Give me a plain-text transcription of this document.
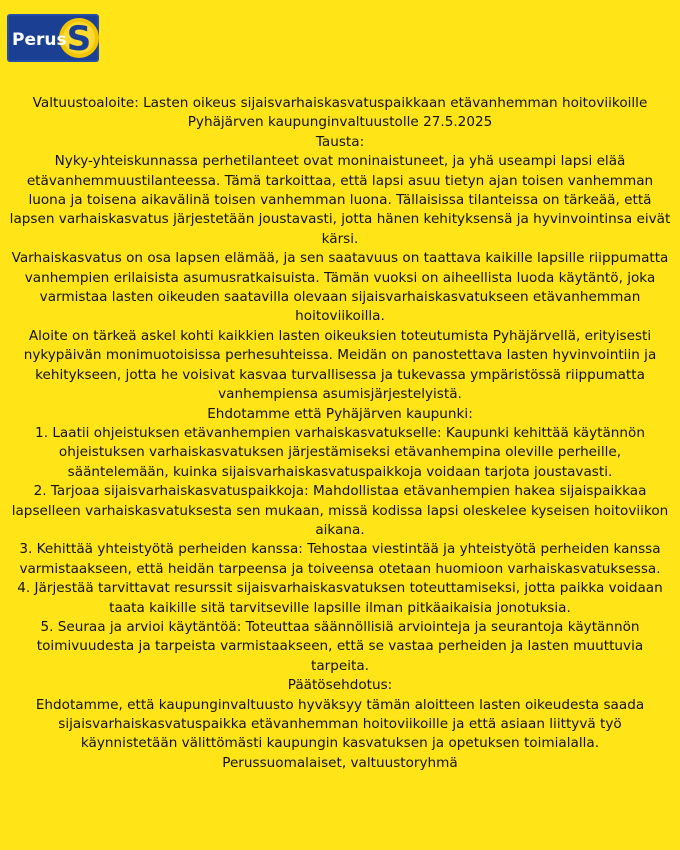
S
Perus

Valtuustoaloite: Lasten oikeus sijaisvarhaiskasvatuspaikkaan etävanhemman hoitoviikoille

Pyhäjärven kaupunginvaltuustolle 27.5.2025

Tausta:

Nyky-yhteiskunnassa perhetilanteet ovat moninaistuneet, ja yhä useampi lapsi elää etävanhemmuustilanteessa. Tämä tarkoittaa, että lapsi asuu tietyn ajan toisen vanhemman luona ja toisena aikavälinä toisen vanhemman luona. Tällaisissa tilanteissa on tärkeää, että lapsen varhaiskasvatus järjestetään joustavasti, jotta hänen kehityksensä ja hyvinvointinsa eivät kärsi.

Varhaiskasvatus on osa lapsen elämää, ja sen saatavuus on taattava kaikille lapsille riippumatta vanhempien erilaisista asumusratkaisuista. Tämän vuoksi on aiheellista luoda käytäntö, joka varmistaa lasten oikeuden saatavilla olevaan sijaisvarhaiskasvatukseen etävanhemman hoitoviikoilla.

Aloite on tärkeä askel kohti kaikkien lasten oikeuksien toteutumista Pyhäjärvellä, erityisesti nykypäivän monimuotoisissa perhesuhteissa. Meidän on panostettava lasten hyvinvointiin ja kehitykseen, jotta he voisivat kasvaa turvallisessa ja tukevassa ympäristössä riippumatta vanhempiensa asumisjärjestelyistä.

Ehdotamme että Pyhäjärven kaupunki:

1. Laatii ohjeistuksen etävanhempien varhaiskasvatukselle: Kaupunki kehittää käytännön ohjeistuksen varhaiskasvatuksen järjestämiseksi etävanhempina oleville perheille, sääntelemään, kuinka sijaisvarhaiskasvatuspaikkoja voidaan tarjota joustavasti.

2. Tarjoaa sijaisvarhaiskasvatuspaikkoja: Mahdollistaa etävanhempien hakea sijaispaikkaa lapselleen varhaiskasvatuksesta sen mukaan, missä kodissa lapsi oleskelee kyseisen hoitoviikon aikana.

3. Kehittää yhteistyötä perheiden kanssa: Tehostaa viestintää ja yhteistyötä perheiden kanssa varmistaakseen, että heidän tarpeensa ja toiveensa otetaan huomioon varhaiskasvatuksessa.

4. Järjestää tarvittavat resurssit sijaisvarhaiskasvatuksen toteuttamiseksi, jotta paikka voidaan taata kaikille sitä tarvitseville lapsille ilman pitkäaikaisia jonotuksia.

5. Seuraa ja arvioi käytäntöä: Toteuttaa säännöllisiä arviointeja ja seurantoja käytännön toimivuudesta ja tarpeista varmistaakseen, että se vastaa perheiden ja lasten muuttuvia tarpeita.

Päätösehdotus:

Ehdotamme, että kaupunginvaltuusto hyväksyy tämän aloitteen lasten oikeudesta saada sijaisvarhaiskasvatuspaikka etävanhemman hoitoviikoille ja että asiaan liittyvä työ käynnistetään välittömästi kaupungin kasvatuksen ja opetuksen toimialalla.

Perussuomalaiset, valtuustoryhmä
